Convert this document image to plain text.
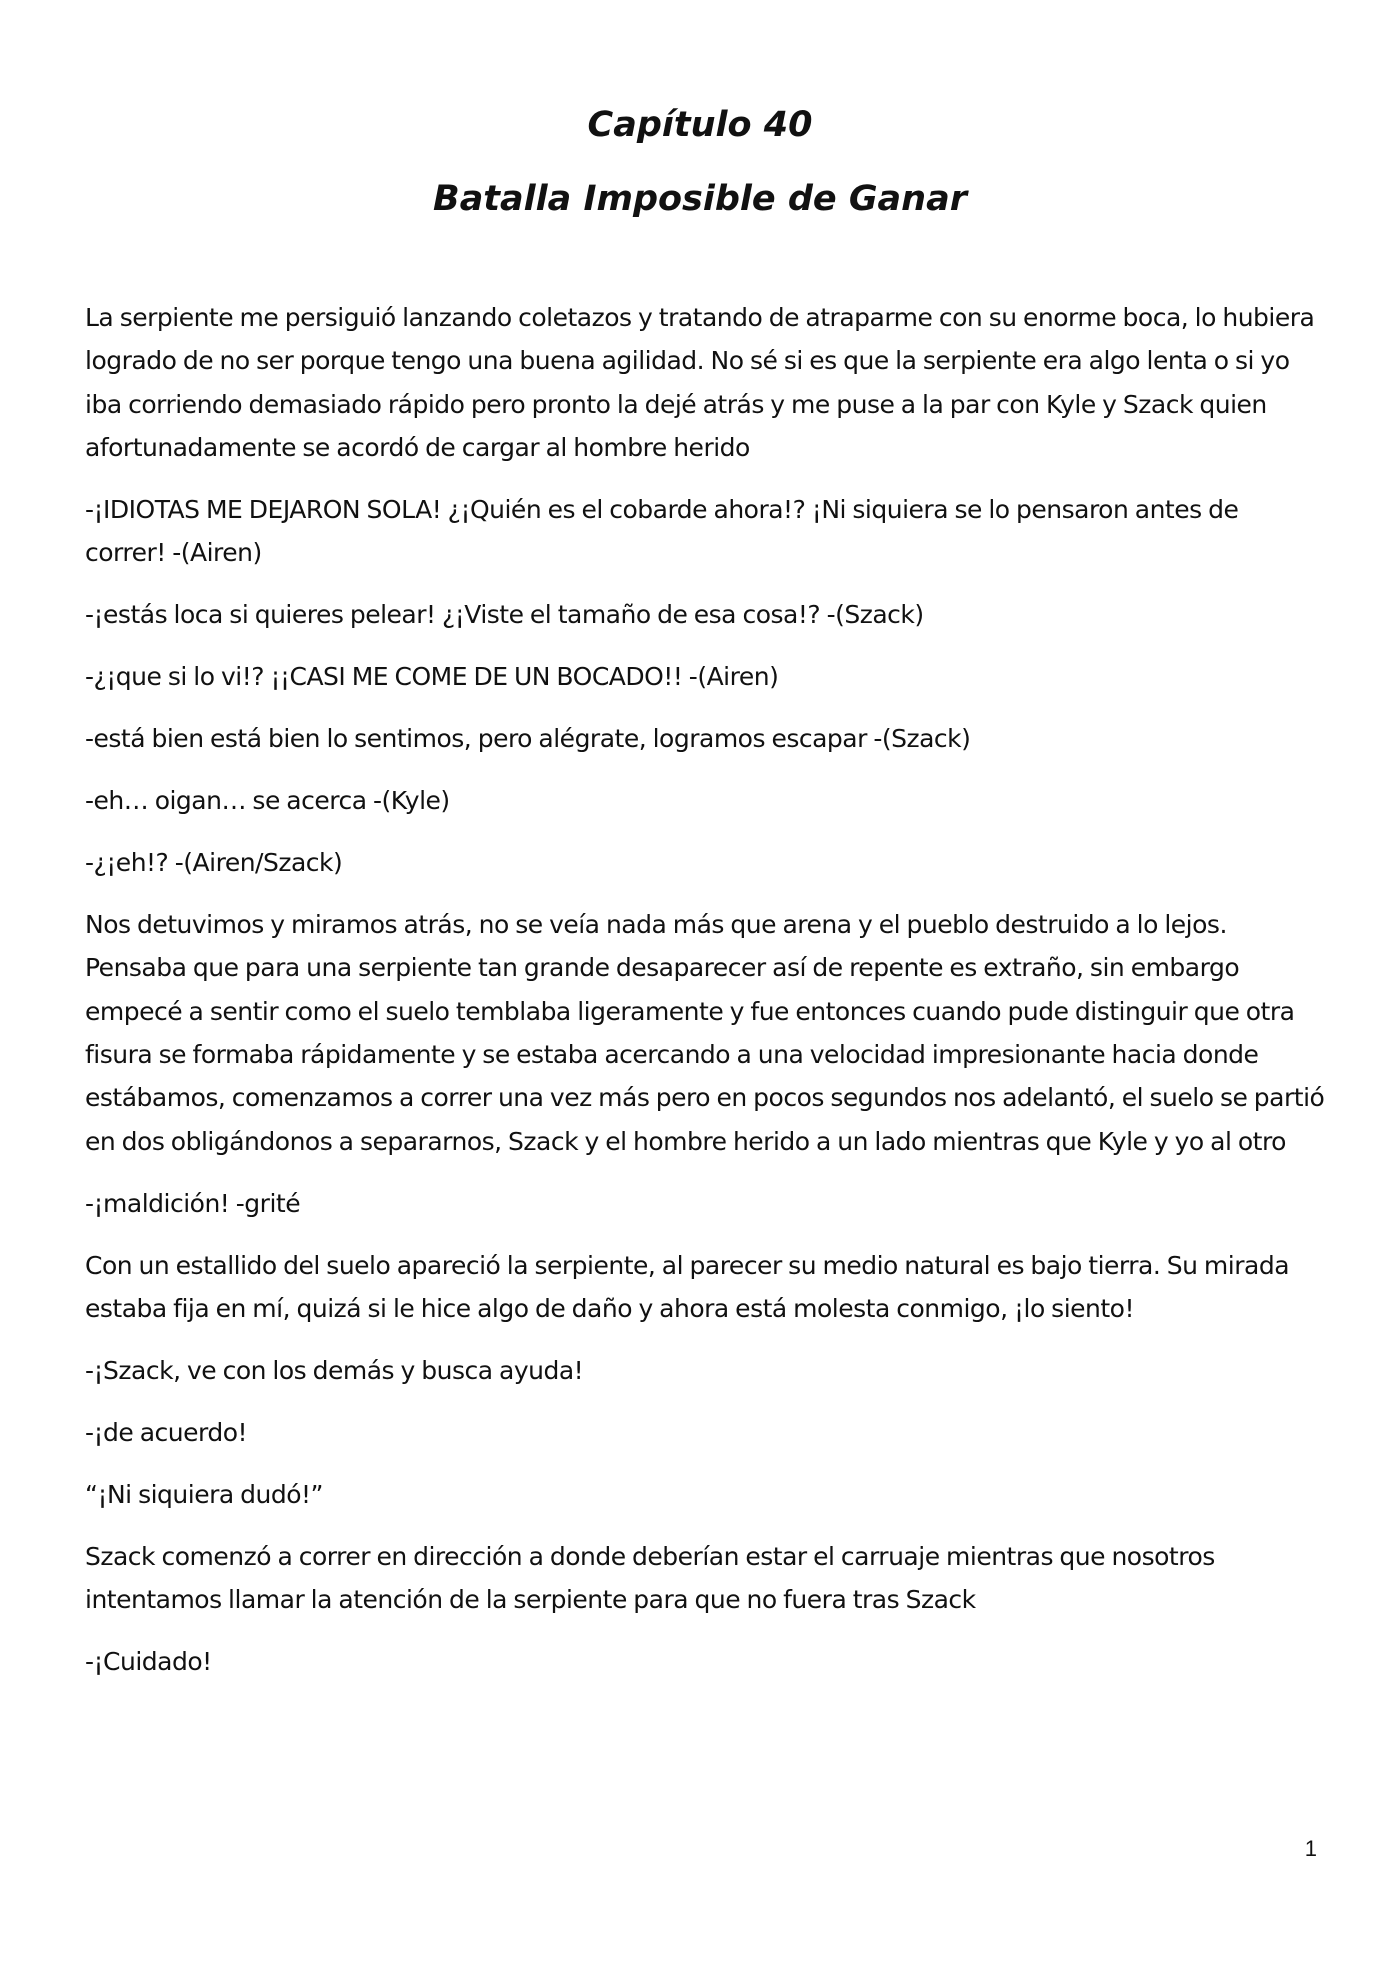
Capítulo 40
Batalla Imposible de Ganar

La serpiente me persiguió lanzando coletazos y tratando de atraparme con su enorme boca, lo hubiera logrado de no ser porque tengo una buena agilidad. No sé si es que la serpiente era algo lenta o si yo iba corriendo demasiado rápido pero pronto la dejé atrás y me puse a la par con Kyle y Szack quien afortunadamente se acordó de cargar al hombre herido

-¡IDIOTAS ME DEJARON SOLA! ¿¡Quién es el cobarde ahora!? ¡Ni siquiera se lo pensaron antes de correr! -(Airen)

-¡estás loca si quieres pelear! ¿¡Viste el tamaño de esa cosa!? -(Szack)

-¿¡que si lo vi!? ¡¡CASI ME COME DE UN BOCADO!! -(Airen)

-está bien está bien lo sentimos, pero alégrate, logramos escapar -(Szack)

-eh… oigan… se acerca -(Kyle)

-¿¡eh!? -(Airen/Szack)

Nos detuvimos y miramos atrás, no se veía nada más que arena y el pueblo destruido a lo lejos. Pensaba que para una serpiente tan grande desaparecer así de repente es extraño, sin embargo empecé a sentir como el suelo temblaba ligeramente y fue entonces cuando pude distinguir que otra fisura se formaba rápidamente y se estaba acercando a una velocidad impresionante hacia donde estábamos, comenzamos a correr una vez más pero en pocos segundos nos adelantó, el suelo se partió en dos obligándonos a separarnos, Szack y el hombre herido a un lado mientras que Kyle y yo al otro

-¡maldición! -grité

Con un estallido del suelo apareció la serpiente, al parecer su medio natural es bajo tierra. Su mirada estaba fija en mí, quizá si le hice algo de daño y ahora está molesta conmigo, ¡lo siento!

-¡Szack, ve con los demás y busca ayuda!

-¡de acuerdo!

“¡Ni siquiera dudó!”

Szack comenzó a correr en dirección a donde deberían estar el carruaje mientras que nosotros intentamos llamar la atención de la serpiente para que no fuera tras Szack

-¡Cuidado!

1
